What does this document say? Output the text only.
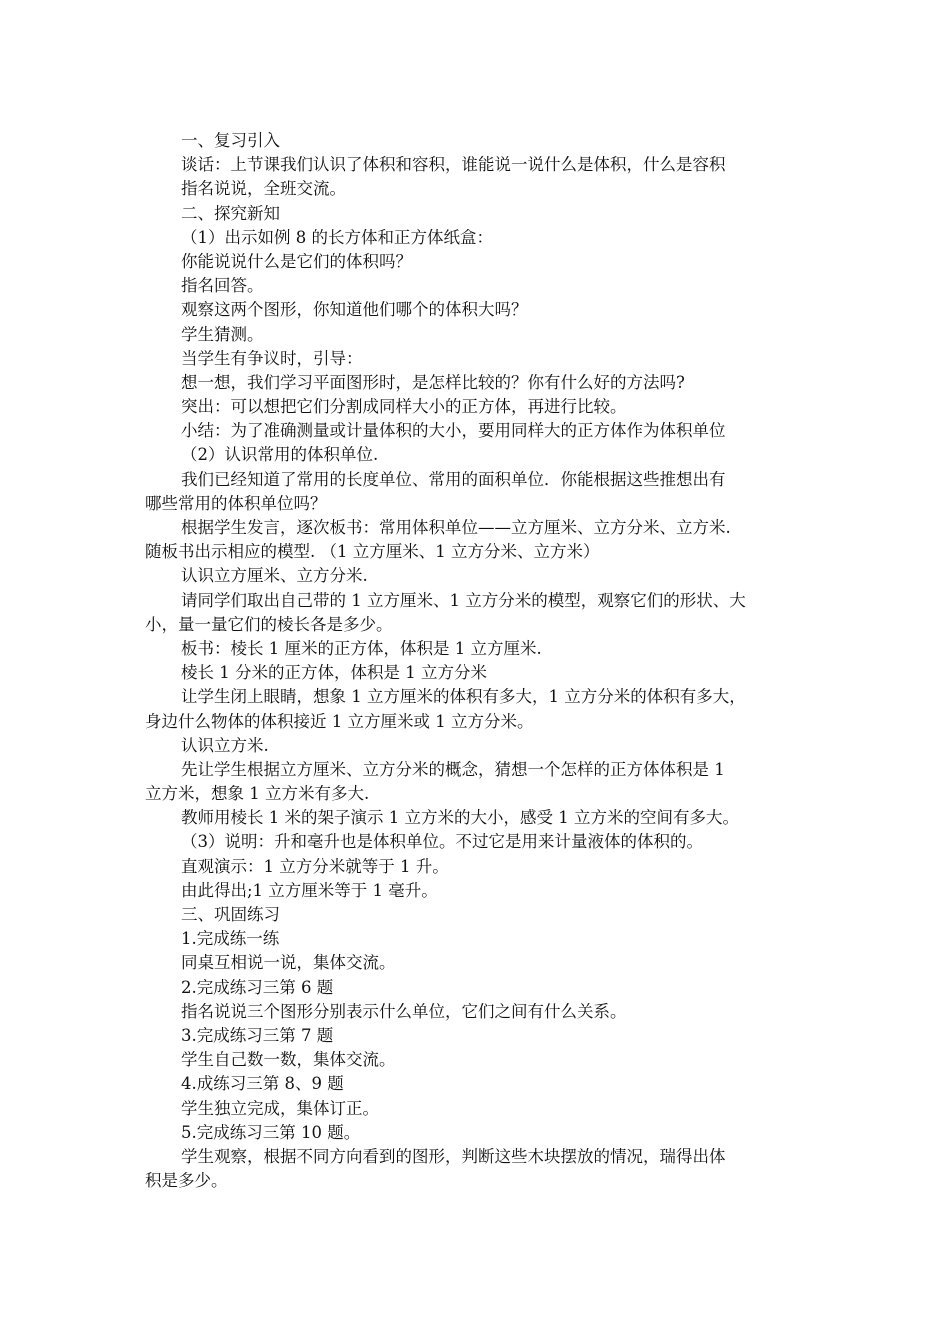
一、复习引入
谈话：上节课我们认识了体积和容积，谁能说一说什么是体积，什么是容积
指名说说，全班交流。
二、探究新知
（1）出示如例 8 的长方体和正方体纸盒：
你能说说什么是它们的体积吗？
指名回答。
观察这两个图形，你知道他们哪个的体积大吗？
学生猜测。
当学生有争议时，引导：
想一想，我们学习平面图形时，是怎样比较的？你有什么好的方法吗?
突出：可以想把它们分割成同样大小的正方体，再进行比较。
小结：为了准确测量或计量体积的大小，要用同样大的正方体作为体积单位
（2）认识常用的体积单位.
我们已经知道了常用的长度单位、常用的面积单位．你能根据这些推想出有
哪些常用的体积单位吗？
根据学生发言，逐次板书：常用体积单位——立方厘米、立方分米、立方米.
随板书出示相应的模型. （1 立方厘米、1 立方分米、立方米）
认识立方厘米、立方分米.
请同学们取出自己带的 1 立方厘米、1 立方分米的模型，观察它们的形状、大
小，量一量它们的棱长各是多少。
板书：棱长 1 厘米的正方体，体积是 1 立方厘米.
棱长 1 分米的正方体，体积是 1 立方分米
让学生闭上眼睛，想象 1 立方厘米的体积有多大，1 立方分米的体积有多大，
身边什么物体的体积接近 1 立方厘米或 1 立方分米。
认识立方米.
先让学生根据立方厘米、立方分米的概念，猜想一个怎样的正方体体积是 1
立方米，想象 1 立方米有多大.
教师用棱长 1 米的架子演示 1 立方米的大小，感受 1 立方米的空间有多大。
（3）说明：升和毫升也是体积单位。不过它是用来计量液体的体积的。
直观演示：1 立方分米就等于 1 升。
由此得出;1 立方厘米等于 1 毫升。
三、巩固练习
1.完成练一练
同桌互相说一说，集体交流。
2.完成练习三第 6 题
指名说说三个图形分别表示什么单位，它们之间有什么关系。
3.完成练习三第 7 题
学生自己数一数，集体交流。
4.成练习三第 8、9 题
学生独立完成，集体订正。
5.完成练习三第 10 题。
学生观察，根据不同方向看到的图形，判断这些木块摆放的情况，瑞得出体
积是多少。
